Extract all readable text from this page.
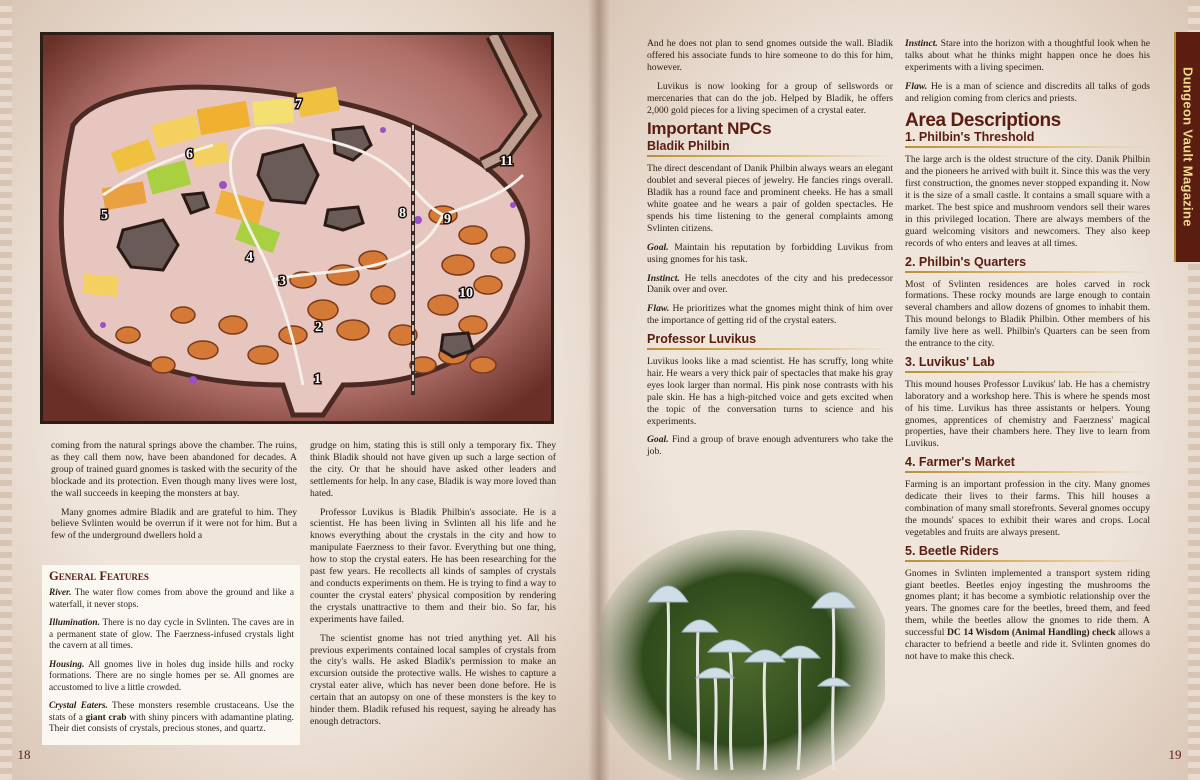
1
2
3
4
5
6
7
8	9
10
11

coming from the natural springs above the chamber. The ruins, as they call them now, have been abandoned for decades. A group of trained guard gnomes is tasked with the security of the blockade and its protection. Even though many lives were lost, the wall succeeds in keeping the monsters at bay.

Many gnomes admire Bladik and are grateful to him. They believe Svlinten would be overrun if it were not for him. But a few of the underground dwellers hold a

General Features

River. The water flow comes from above the ground and like a waterfall, it never stops.

Illumination. There is no day cycle in Svlinten. The caves are in a permanent state of glow. The Faerzness-infused crystals light the cavern at all times.

Housing. All gnomes live in holes dug inside hills and rocky formations. There are no single homes per se. All gnomes are accustomed to live a little crowded.

Crystal Eaters. These monsters resemble crustaceans. Use the stats of a giant crab with shiny pincers with adamantine plating. Their diet consists of crystals, precious stones, and quartz.

grudge on him, stating this is still only a temporary fix. They think Bladik should not have given up such a large section of the city. Or that he should have asked other leaders and settlements for help. In any case, Bladik is way more loved than hated.

Professor Luvikus is Bladik Philbin's associate. He is a scientist. He has been living in Svlinten all his life and he knows everything about the crystals in the city and how to manipulate Faerzness to their favor. Everything but one thing, how to stop the crystal eaters. He has been researching for the past few years. He recollects all kinds of samples of crystals and conducts experiments on them. He is trying to find a way to counter the crystal eaters' physical composition by rendering the crystals unattractive to them and their bio. So far, his experiments have failed.

The scientist gnome has not tried anything yet. All his previous experiments contained local samples of crystals from the city's walls. He asked Bladik's permission to make an excursion outside the protective walls. He wishes to capture a crystal eater alive, which has never been done before. He is certain that an autopsy on one of these monsters is the key to hinder them. Bladik refused his request, saying he already has enough detractors.

And he does not plan to send gnomes outside the wall. Bladik offered his associate funds to hire someone to do this for him, however.

Luvikus is now looking for a group of sellswords or mercenaries that can do the job. Helped by Bladik, he offers 2,000 gold pieces for a living specimen of a crystal eater.

Important NPCs
Bladik Philbin

The direct descendant of Danik Philbin always wears an elegant doublet and several pieces of jewelry. He fancies rings overall. Bladik has a round face and prominent cheeks. He has a small white goatee and he wears a pair of golden spectacles. He spends his time listening to the general complaints among Svlinten citizens.

Goal. Maintain his reputation by forbidding Luvikus from using gnomes for his task.

Instinct. He tells anecdotes of the city and his predecessor Danik over and over.

Flaw. He prioritizes what the gnomes might think of him over the importance of getting rid of the crystal eaters.

Professor Luvikus

Luvikus looks like a mad scientist. He has scruffy, long white hair. He wears a very thick pair of spectacles that make his gray eyes look larger than normal. His pink nose contrasts with his pale skin. He has a high-pitched voice and gets excited when the topic of the conversation turns to science and his experiments.

Goal. Find a group of brave enough adventurers who take the job.

Instinct. Stare into the horizon with a thoughtful look when he talks about what he thinks might happen once he does his experiments with a living specimen.

Flaw. He is a man of science and discredits all talks of gods and religion coming from clerics and priests.

Area Descriptions
1. Philbin's Threshold

The large arch is the oldest structure of the city. Danik Philbin and the pioneers he arrived with built it. Since this was the very first construction, the gnomes never stopped expanding it. Now it is the size of a small castle. It contains a small square with a market. The best spice and mushroom vendors sell their wares in this privileged location. There are always members of the guard welcoming visitors and newcomers. They also keep records of who enters and leaves at all times.

2. Philbin's Quarters

Most of Svlinten residences are holes carved in rock formations. These rocky mounds are large enough to contain several chambers and allow dozens of gnomes to inhabit them. This mound belongs to Bladik Philbin. Other members of his family live here as well. Philbin's Quarters can be seen from the entrance to the city.

3. Luvikus' Lab

This mound houses Professor Luvikus' lab. He has a chemistry laboratory and a workshop here. This is where he spends most of his time. Luvikus has three assistants or helpers. Young gnomes, apprentices of chemistry and Faerzness' magical properties, have their chambers here. They live to learn from Luvikus.

4. Farmer's Market

Farming is an important profession in the city. Many gnomes dedicate their lives to their farms. This hill houses a combination of many small storefronts. Several gnomes occupy the mounds' spaces to exhibit their wares and crops. Local vegetables and fruits are always present.

5. Beetle Riders

Gnomes in Svlinten implemented a transport system riding giant beetles. Beetles enjoy ingesting the mushrooms the gnomes plant; it has become a symbiotic relationship over the years. The gnomes care for the beetles, breed them, and feed them, while the beetles allow the gnomes to ride them. A successful DC 14 Wisdom (Animal Handling) check allows a character to befriend a beetle and ride it. Svlinten gnomes do not have to make this check.

Dungeon Vault Magazine
18	19
